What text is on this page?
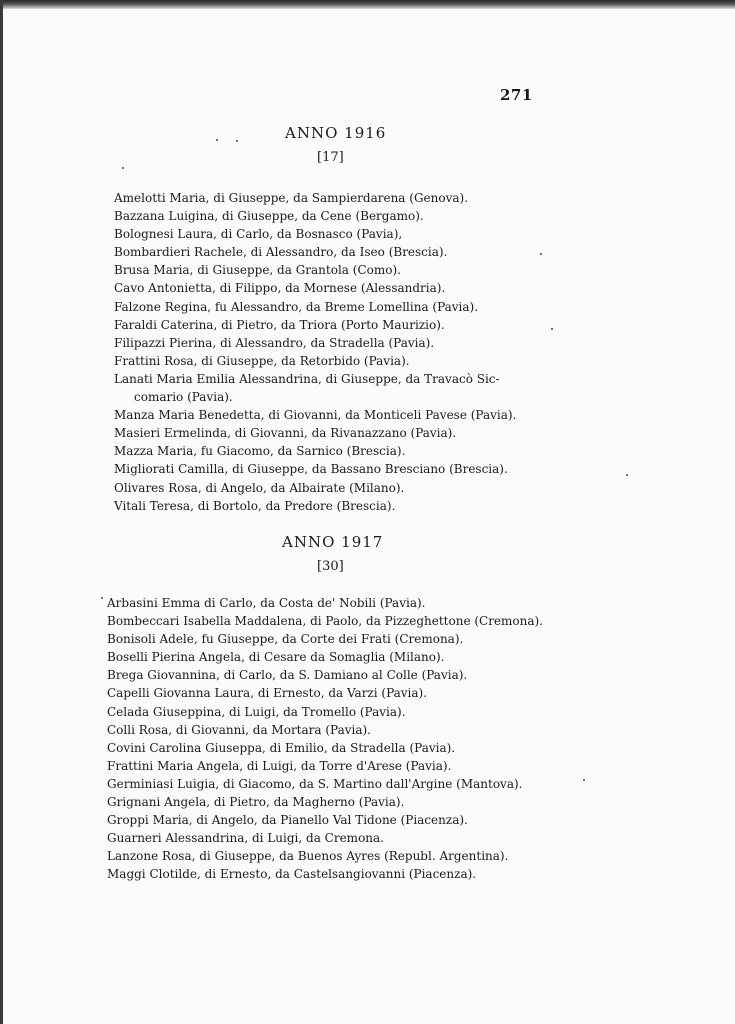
271
ANNO 1916
[17]
Amelotti Maria, di Giuseppe, da Sampierdarena (Genova).
Bazzana Luigina, di Giuseppe, da Cene (Bergamo).
Bolognesi Laura, di Carlo, da Bosnasco (Pavia),
Bombardieri Rachele, di Alessandro, da Iseo (Brescia).
Brusa Maria, di Giuseppe, da Grantola (Como).
Cavo Antonietta, di Filippo, da Mornese (Alessandria).
Falzone Regina, fu Alessandro, da Breme Lomellina (Pavia).
Faraldi Caterina, di Pietro, da Triora (Porto Maurizio).
Filipazzi Pierina, di Alessandro, da Stradella (Pavia).
Frattini Rosa, di Giuseppe, da Retorbido (Pavia).
Lanati Maria Emilia Alessandrina, di Giuseppe, da Travacò Sic-
comario (Pavia).
Manza Maria Benedetta, di Giovanni, da Monticeli Pavese (Pavia).
Masieri Ermelinda, di Giovanni, da Rivanazzano (Pavia).
Mazza Maria, fu Giacomo, da Sarnico (Brescia).
Migliorati Camilla, di Giuseppe, da Bassano Bresciano (Brescia).
Olivares Rosa, di Angelo, da Albairate (Milano).
Vitali Teresa, di Bortolo, da Predore (Brescia).
ANNO 1917
[30]
Arbasini Emma di Carlo, da Costa de' Nobili (Pavia).
Bombeccari Isabella Maddalena, di Paolo, da Pizzeghettone (Cremona).
Bonisoli Adele, fu Giuseppe, da Corte dei Frati (Cremona).
Boselli Pierina Angela, di Cesare da Somaglia (Milano).
Brega Giovannina, di Carlo, da S. Damiano al Colle (Pavia).
Capelli Giovanna Laura, di Ernesto, da Varzi (Pavia).
Celada Giuseppina, di Luigi, da Tromello (Pavia).
Colli Rosa, di Giovanni, da Mortara (Pavia).
Covini Carolina Giuseppa, di Emilio, da Stradella (Pavia).
Frattini Maria Angela, di Luigi, da Torre d'Arese (Pavia).
Germiniasi Luigia, di Giacomo, da S. Martino dall'Argine (Mantova).
Grignani Angela, di Pietro, da Magherno (Pavia).
Groppi Maria, di Angelo, da Pianello Val Tidone (Piacenza).
Guarneri Alessandrina, di Luigi, da Cremona.
Lanzone Rosa, di Giuseppe, da Buenos Ayres (Republ. Argentina).
Maggi Clotilde, di Ernesto, da Castelsangiovanni (Piacenza).
